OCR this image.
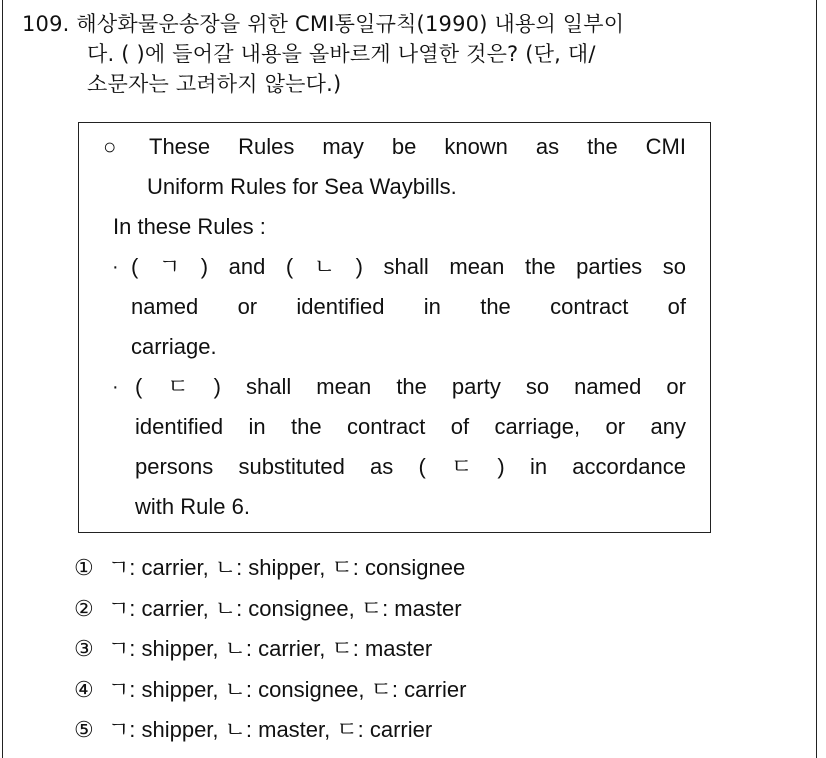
109. 해상화물운송장을 위한 CMI통일규칙(1990) 내용의 일부이
다. ( )에 들어갈 내용을 올바르게 나열한 것은? (단, 대/
소문자는 고려하지 않는다.)
○ These Rules may be known as the CMI
Uniform Rules for Sea Waybills.
In these Rules :
· ( ㄱ ) and ( ㄴ ) shall mean the parties so
named or identified in the contract of
carriage.
· ( ㄷ ) shall mean the party so named or
identified in the contract of carriage, or any
persons substituted as ( ㄷ ) in accordance
with Rule 6.
① ㄱ: carrier, ㄴ: shipper, ㄷ: consignee
② ㄱ: carrier, ㄴ: consignee, ㄷ: master
③ ㄱ: shipper, ㄴ: carrier, ㄷ: master
④ ㄱ: shipper, ㄴ: consignee, ㄷ: carrier
⑤ ㄱ: shipper, ㄴ: master, ㄷ: carrier
